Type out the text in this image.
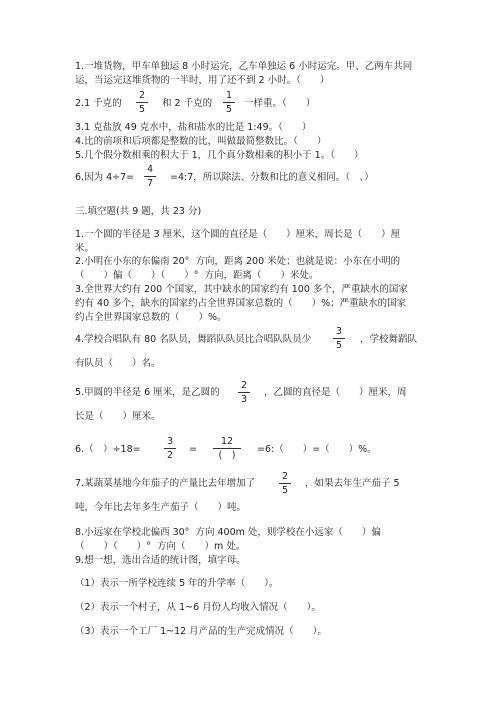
1.一堆货物，甲车单独运 8 小时运完，乙车单独运 6 小时运完。甲、乙两车共同
运，当运完这堆货物的一半时，用了还不到 2 小时。（　　）
2.1 千克的
2
5
和 2 千克的
1
5
一样重。（　　）
3.1 克盐放 49 克水中，盐和盐水的比是 1:49。（　　）
4.比的前项和后项都是整数的比，叫做最简整数比。（　　）
5.几个假分数相乘的积大于 1，几个真分数相乘的积小于 1。（　　）
6.因为 4÷7=
4
7
=4:7，所以除法、分数和比的意义相同。（　、）
三.填空题(共 9 题，共 23 分)
1.一个圆的半径是 3 厘米，这个圆的直径是（　　）厘米，周长是（　　）厘
米。
2.小明在小东的东偏南 20°  方向，距离 200 米处；也就是说：小东在小明的
（　　）偏（　　）（　　）°  方向，距离（　　）米处。
3.全世界大约有 200 个国家，其中缺水的国家约有 100 多个，严重缺水的国家
约有 40 多个，缺水的国家约占全世界国家总数的（　　）%；严重缺水的国家
约占全世界国家总数的（　　）%。
4.学校合唱队有 80 名队员，舞蹈队队员比合唱队队员少
3
5
，学校舞蹈队
有队员（　　）名。
5.甲圆的半径是 6 厘米，是乙圆的
2
3
，乙圆的直径是（　　）厘米，周
长是（　　）厘米。
6.（　）÷18=
3
2
=
12
(　)
=6:（　　）=（　　）%。
7.某蔬菜基地今年茄子的产量比去年增加了
2
5
，如果去年生产茄子 5
吨，今年比去年多生产茄子（　　）吨。
8.小远家在学校北偏西 30°  方向 400m 处，则学校在小远家（　　）偏
（　　）（　　）°  方向（　　）m 处。
9.想一想，选出合适的统计图，填字母。
（1）表示一所学校连续 5 年的升学率（　　）。
（2）表示一个村子，从 1~6 月份人均收入情况（　　）。
（3）表示一个工厂 1~12 月产品的生产完成情况（　　）。
